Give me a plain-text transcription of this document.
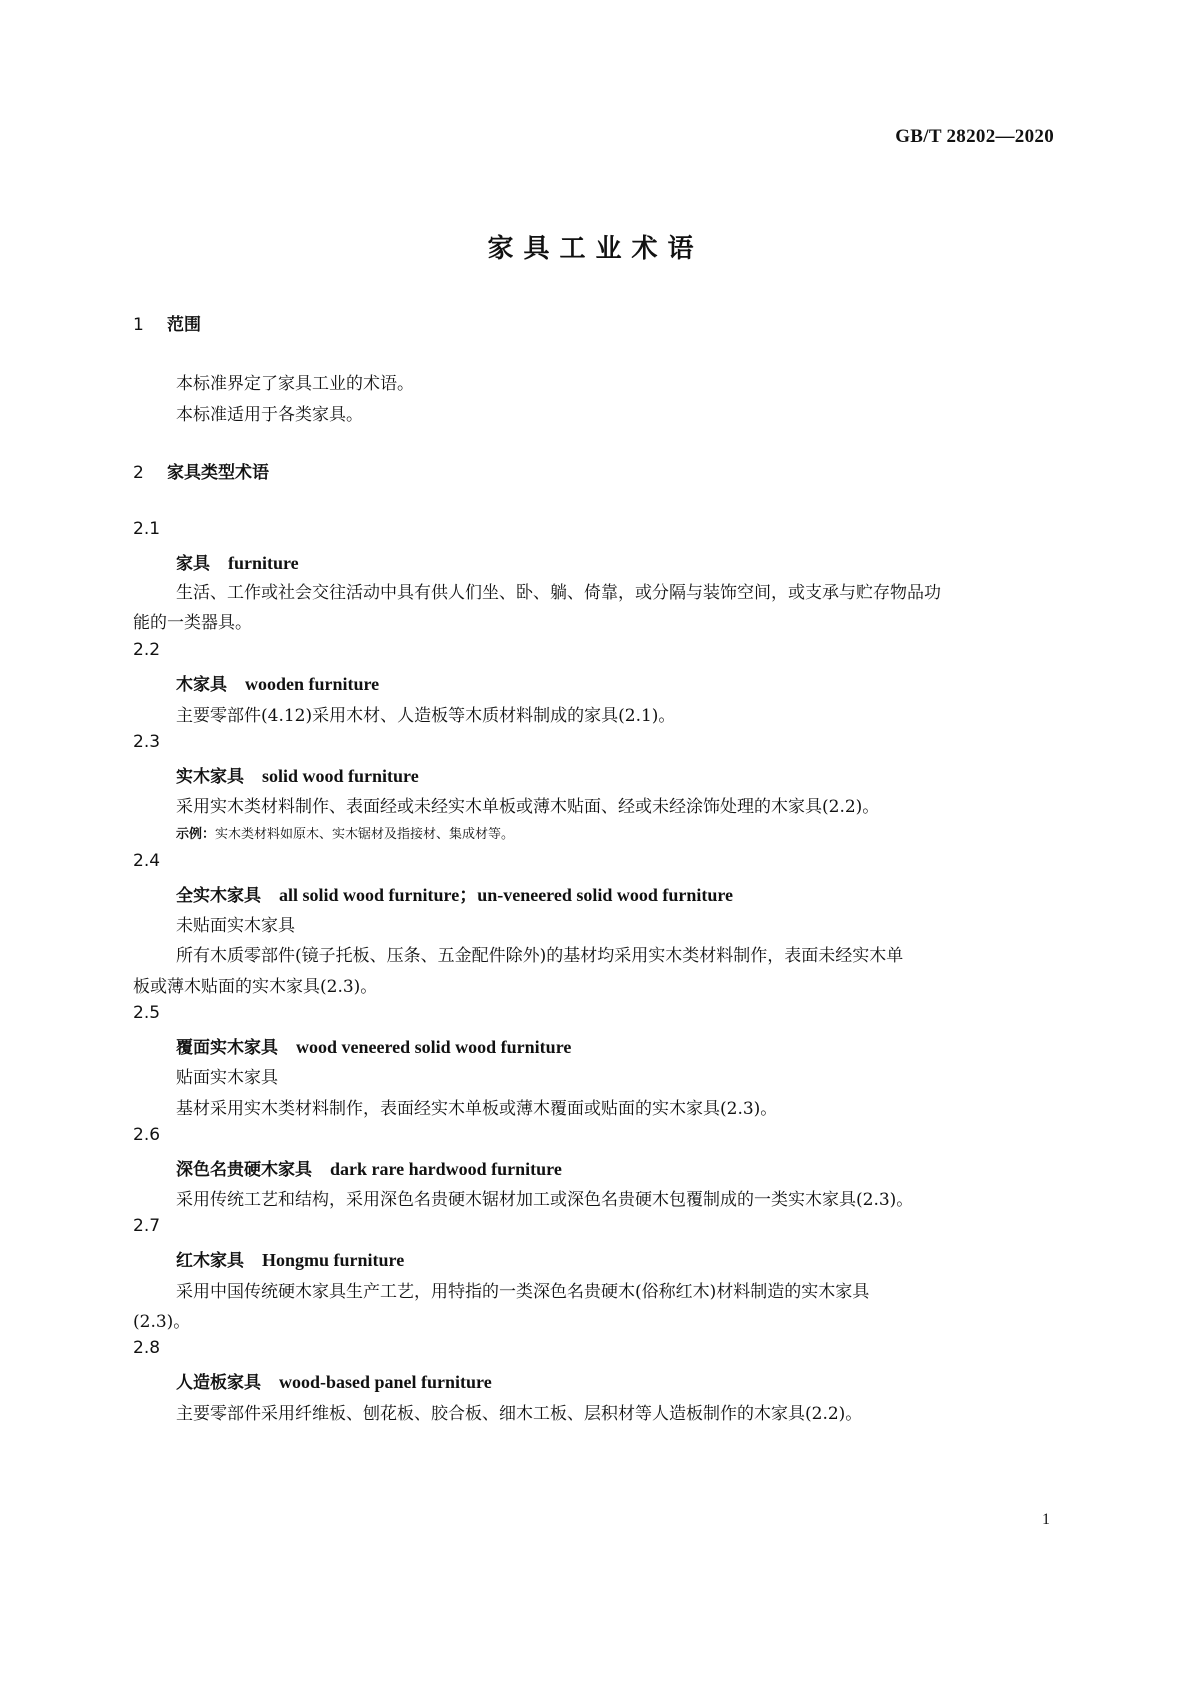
GB/T 28202—2020
家具工业术语
1 范围
本标准界定了家具工业的术语。
本标准适用于各类家具。
2 家具类型术语
2.1
家具 furniture
生活、工作或社会交往活动中具有供人们坐、卧、躺、倚靠，或分隔与装饰空间，或支承与贮存物品功
能的一类器具。
2.2
木家具 wooden furniture
主要零部件(4.12)采用木材、人造板等木质材料制成的家具(2.1)。
2.3
实木家具 solid wood furniture
采用实木类材料制作、表面经或未经实木单板或薄木贴面、经或未经涂饰处理的木家具(2.2)。
示例：实木类材料如原木、实木锯材及指接材、集成材等。
2.4
全实木家具 all solid wood furniture；un-veneered solid wood furniture
未贴面实木家具
所有木质零部件(镜子托板、压条、五金配件除外)的基材均采用实木类材料制作，表面未经实木单
板或薄木贴面的实木家具(2.3)。
2.5
覆面实木家具 wood veneered solid wood furniture
贴面实木家具
基材采用实木类材料制作，表面经实木单板或薄木覆面或贴面的实木家具(2.3)。
2.6
深色名贵硬木家具 dark rare hardwood furniture
采用传统工艺和结构，采用深色名贵硬木锯材加工或深色名贵硬木包覆制成的一类实木家具(2.3)。
2.7
红木家具 Hongmu furniture
采用中国传统硬木家具生产工艺，用特指的一类深色名贵硬木(俗称红木)材料制造的实木家具
(2.3)。
2.8
人造板家具 wood-based panel furniture
主要零部件采用纤维板、刨花板、胶合板、细木工板、层积材等人造板制作的木家具(2.2)。
1
